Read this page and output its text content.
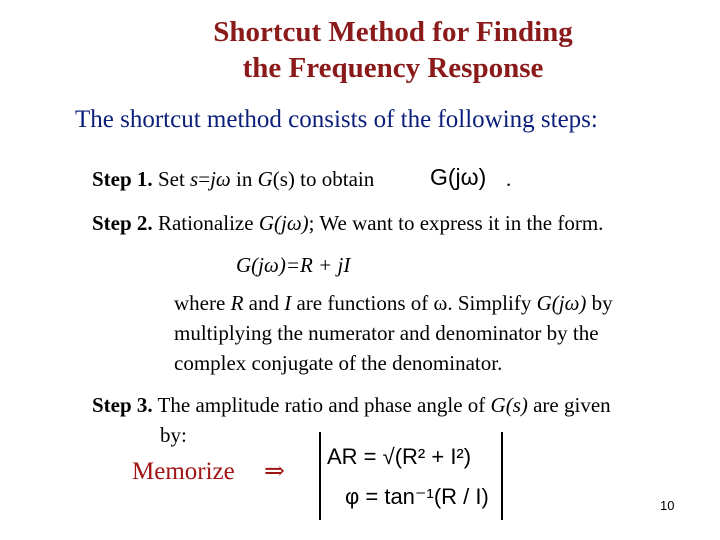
Shortcut Method for Finding
the Frequency Response
The shortcut method consists of the following steps:
Step 1. Set s=jω in G(s) to obtain G(jω) .
Step 2. Rationalize G(jω); We want to express it in the form.
G(jω)=R + jI
where R and I are functions of ω. Simplify G(jω) by
multiplying the numerator and denominator by the
complex conjugate of the denominator.
Step 3. The amplitude ratio and phase angle of G(s) are given
by:
Memorize ⇒
AR = √(R² + I²)
φ = tan⁻¹(R / I)	10
